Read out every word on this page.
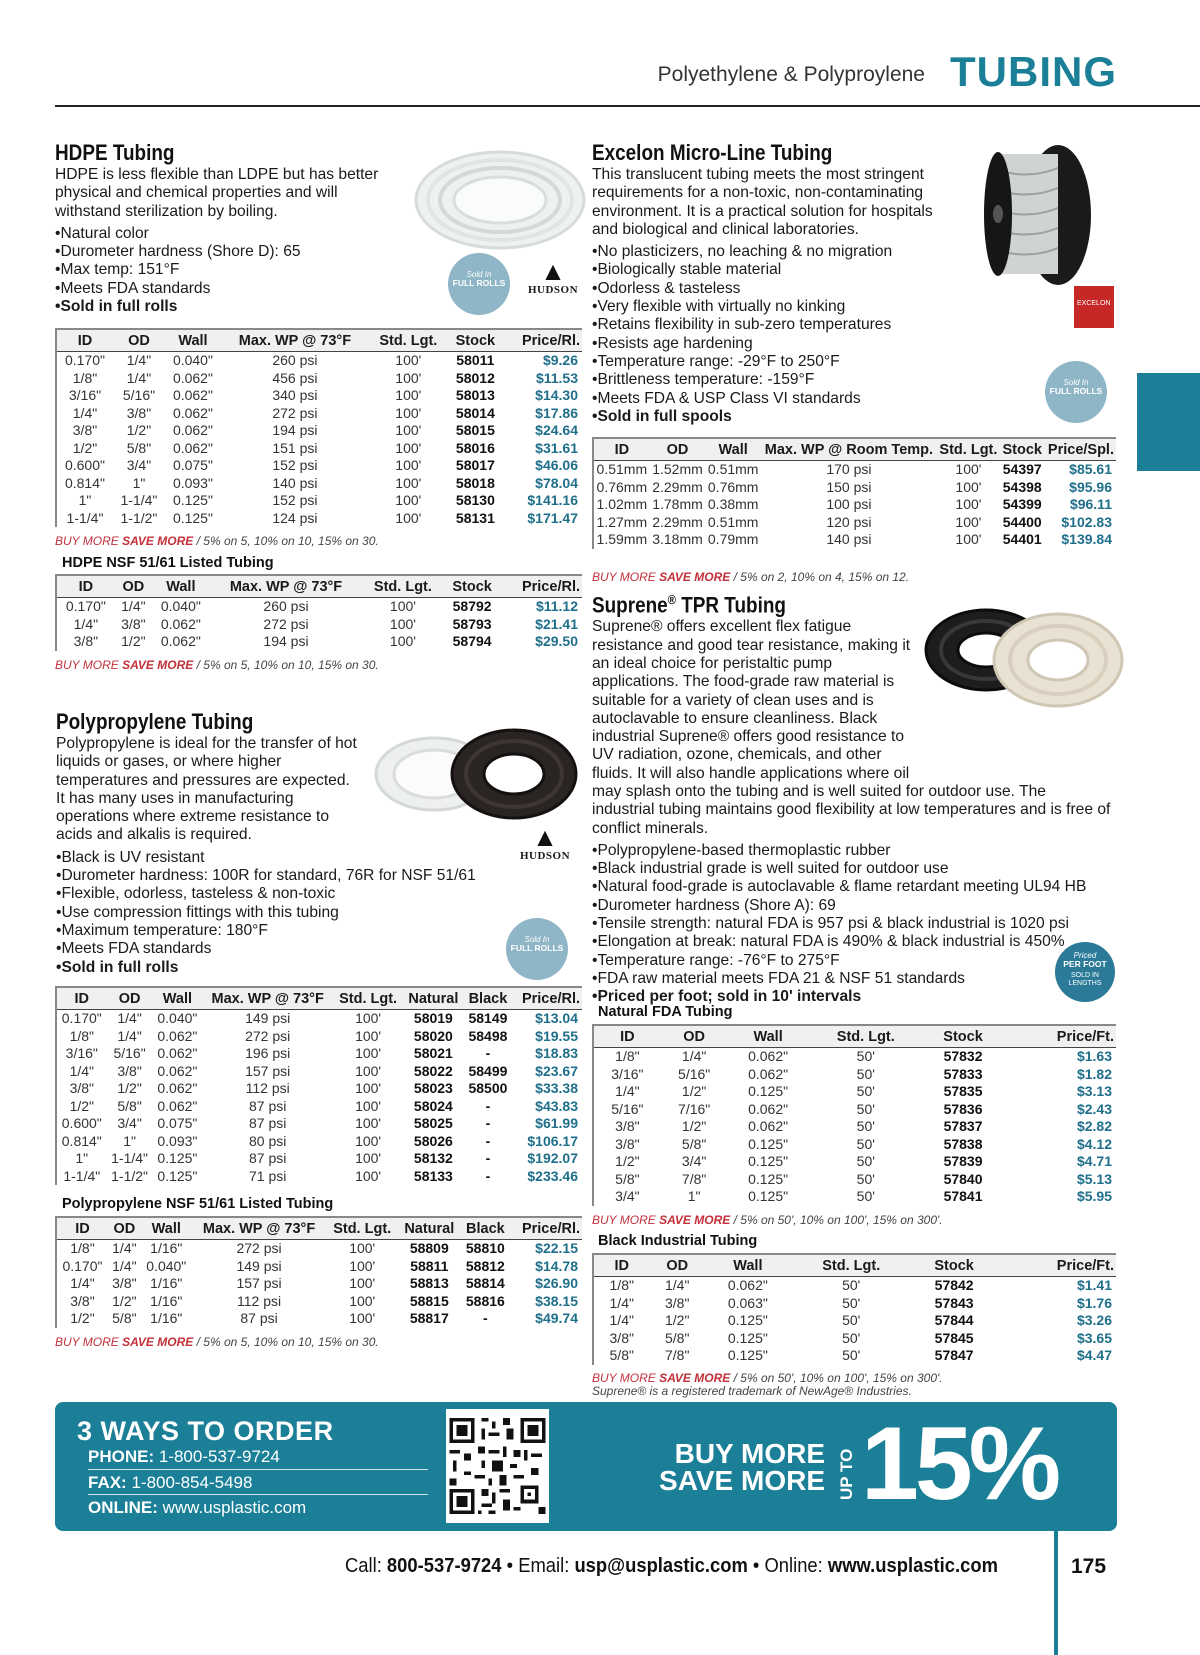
Polyethylene & Polyproylene TUBING
HDPE Tubing

HDPE is less flexible than LDPE but has better physical and chemical properties and will withstand sterilization by boiling.

• Natural color
• Durometer hardness (Shore D): 65
• Max temp: 151°F
• Meets FDA standards
• Sold in full rolls
Sold In
FULL ROLLS	▲
HUDSON
ID	OD	Wall	Max. WP @ 73°F	Std. Lgt.	Stock	Price/Rl.
0.170"	1/4"	0.040"	260 psi	100'	58011	$9.26
1/8"	1/4"	0.062"	456 psi	100'	58012	$11.53
3/16"	5/16"	0.062"	340 psi	100'	58013	$14.30
1/4"	3/8"	0.062"	272 psi	100'	58014	$17.86
3/8"	1/2"	0.062"	194 psi	100'	58015	$24.64
1/2"	5/8"	0.062"	151 psi	100'	58016	$31.61
0.600"	3/4"	0.075"	152 psi	100'	58017	$46.06
0.814"	1"	0.093"	140 psi	100'	58018	$78.04
1"	1-1/4"	0.125"	152 psi	100'	58130	$141.16
1-1/4"	1-1/2"	0.125"	124 psi	100'	58131	$171.47
BUY MORE SAVE MORE / 5% on 5, 10% on 10, 15% on 30.
HDPE NSF 51/61 Listed Tubing
ID	OD	Wall	Max. WP @ 73°F	Std. Lgt.	Stock	Price/Rl.
0.170"	1/4"	0.040"	260 psi	100'	58792	$11.12
1/4"	3/8"	0.062"	272 psi	100'	58793	$21.41
3/8"	1/2"	0.062"	194 psi	100'	58794	$29.50
BUY MORE SAVE MORE / 5% on 5, 10% on 10, 15% on 30.
Polypropylene Tubing

Polypropylene is ideal for the transfer of hot liquids or gases, or where higher temperatures and pressures are expected. It has many uses in manufacturing operations where extreme resistance to acids and alkalis is required.

• Black is UV resistant
• Durometer hardness: 100R for standard, 76R for NSF 51/61
• Flexible, odorless, tasteless & non-toxic
• Use compression fittings with this tubing
• Maximum temperature: 180°F
• Meets FDA standards
• Sold in full rolls
▲
HUDSON
Sold In
FULL ROLLS
ID	OD	Wall	Max. WP @ 73°F	Std. Lgt.	Natural	Black	Price/Rl.
0.170"	1/4"	0.040"	149 psi	100'	58019	58149	$13.04
1/8"	1/4"	0.062"	272 psi	100'	58020	58498	$19.55
3/16"	5/16"	0.062"	196 psi	100'	58021	-	$18.83
1/4"	3/8"	0.062"	157 psi	100'	58022	58499	$23.67
3/8"	1/2"	0.062"	112 psi	100'	58023	58500	$33.38
1/2"	5/8"	0.062"	87 psi	100'	58024	-	$43.83
0.600"	3/4"	0.075"	87 psi	100'	58025	-	$61.99
0.814"	1"	0.093"	80 psi	100'	58026	-	$106.17
1"	1-1/4"	0.125"	87 psi	100'	58132	-	$192.07
1-1/4"	1-1/2"	0.125"	71 psi	100'	58133	-	$233.46
Polypropylene NSF 51/61 Listed Tubing
ID	OD	Wall	Max. WP @ 73°F	Std. Lgt.	Natural	Black	Price/Rl.
1/8"	1/4"	1/16"	272 psi	100'	58809	58810	$22.15
0.170"	1/4"	0.040"	149 psi	100'	58811	58812	$14.78
1/4"	3/8"	1/16"	157 psi	100'	58813	58814	$26.90
3/8"	1/2"	1/16"	112 psi	100'	58815	58816	$38.15
1/2"	5/8"	1/16"	87 psi	100'	58817	-	$49.74
BUY MORE SAVE MORE / 5% on 5, 10% on 10, 15% on 30.
Excelon Micro-Line Tubing

This translucent tubing meets the most stringent requirements for a non-toxic, non-contaminating environment. It is a practical solution for hospitals and biological and clinical laboratories.

• No plasticizers, no leaching & no migration
• Biologically stable material
• Odorless & tasteless
• Very flexible with virtually no kinking
• Retains flexibility in sub-zero temperatures
• Resists age hardening
• Temperature range: -29°F to 250°F
• Brittleness temperature: -159°F
• Meets FDA & USP Class VI standards
• Sold in full spools
EXCELON
Sold In
FULL ROLLS
ID	OD	Wall	Max. WP @ Room Temp.	Std. Lgt.	Stock	Price/Spl.
0.51mm	1.52mm	0.51mm	170 psi	100'	54397	$85.61
0.76mm	2.29mm	0.76mm	150 psi	100'	54398	$95.96
1.02mm	1.78mm	0.38mm	100 psi	100'	54399	$96.11
1.27mm	2.29mm	0.51mm	120 psi	100'	54400	$102.83
1.59mm	3.18mm	0.79mm	140 psi	100'	54401	$139.84
BUY MORE SAVE MORE / 5% on 2, 10% on 4, 15% on 12.
Suprene® TPR Tubing

Suprene® offers excellent flex fatigue resistance and good tear resistance, making it an ideal choice for peristaltic pump applications. The food-grade raw material is suitable for a variety of clean uses and is autoclavable to ensure cleanliness. Black industrial Suprene® offers good resistance to UV radiation, ozone, chemicals, and other fluids. It will also handle applications where oil may splash onto the tubing and is well suited for outdoor use. The industrial tubing maintains good flexibility at low temperatures and is free of conflict minerals.

• Polypropylene-based thermoplastic rubber
• Black industrial grade is well suited for outdoor use
• Natural food-grade is autoclavable & flame retardant meeting UL94 HB
• Durometer hardness (Shore A): 69
• Tensile strength: natural FDA is 957 psi & black industrial is 1020 psi
• Elongation at break: natural FDA is 490% & black industrial is 450%
• Temperature range: -76°F to 275°F
• FDA raw material meets FDA 21 & NSF 51 standards
• Priced per foot; sold in 10' intervals
Priced
PER FOOT
SOLD IN LENGTHS
Natural FDA Tubing
ID	OD	Wall	Std. Lgt.	Stock	Price/Ft.
1/8"	1/4"	0.062"	50'	57832	$1.63
3/16"	5/16"	0.062"	50'	57833	$1.82
1/4"	1/2"	0.125"	50'	57835	$3.13
5/16"	7/16"	0.062"	50'	57836	$2.43
3/8"	1/2"	0.062"	50'	57837	$2.82
3/8"	5/8"	0.125"	50'	57838	$4.12
1/2"	3/4"	0.125"	50'	57839	$4.71
5/8"	7/8"	0.125"	50'	57840	$5.13
3/4"	1"	0.125"	50'	57841	$5.95
BUY MORE SAVE MORE / 5% on 50', 10% on 100', 15% on 300'.
Black Industrial Tubing
ID	OD	Wall	Std. Lgt.	Stock	Price/Ft.
1/8"	1/4"	0.062"	50'	57842	$1.41
1/4"	3/8"	0.063"	50'	57843	$1.76
1/4"	1/2"	0.125"	50'	57844	$3.26
3/8"	5/8"	0.125"	50'	57845	$3.65
5/8"	7/8"	0.125"	50'	57847	$4.47
BUY MORE SAVE MORE / 5% on 50', 10% on 100', 15% on 300'.
Suprene® is a registered trademark of NewAge® Industries.
3 WAYS TO ORDER
PHONE: 1-800-537-9724
FAX: 1-800-854-5498
ONLINE: www.usplastic.com
BUY MORE
SAVE MORE UP TO 15%
Call: 800-537-9724 • Email: usp@usplastic.com • Online: www.usplastic.com	175
